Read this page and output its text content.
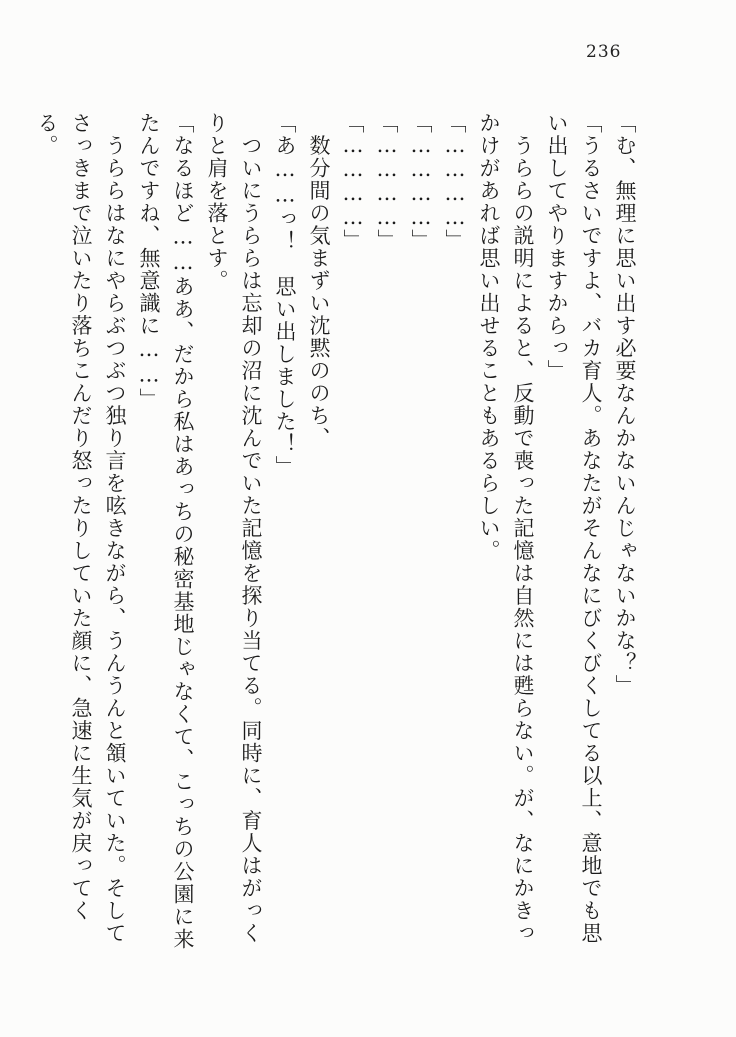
236

「む、無理に思い出す必要なんかないんじゃないかな？」

「うるさいですよ、バカ育人。あなたがそんなにびくびくしてる以上、意地でも思い出してやりますからっ」

　うららの説明によると、反動で喪った記憶は自然には甦らない。が、なにかきっかけがあれば思い出せることもあるらしい。

「…………」

「…………」

「…………」

「…………」

　数分間の気まずい沈黙ののち、

「あ……っ！　思い出しました！」

　ついにうららは忘却の沼に沈んでいた記憶を探り当てる。同時に、育人はがっくりと肩を落とす。

「なるほど……ああ、だから私はあっちの秘密基地じゃなくて、こっちの公園に来たんですね、無意識に……」

　うららはなにやらぶつぶつ独り言を呟きながら、うんうんと頷いていた。そしてさっきまで泣いたり落ちこんだり怒ったりしていた顔に、急速に生気が戻ってくる。
